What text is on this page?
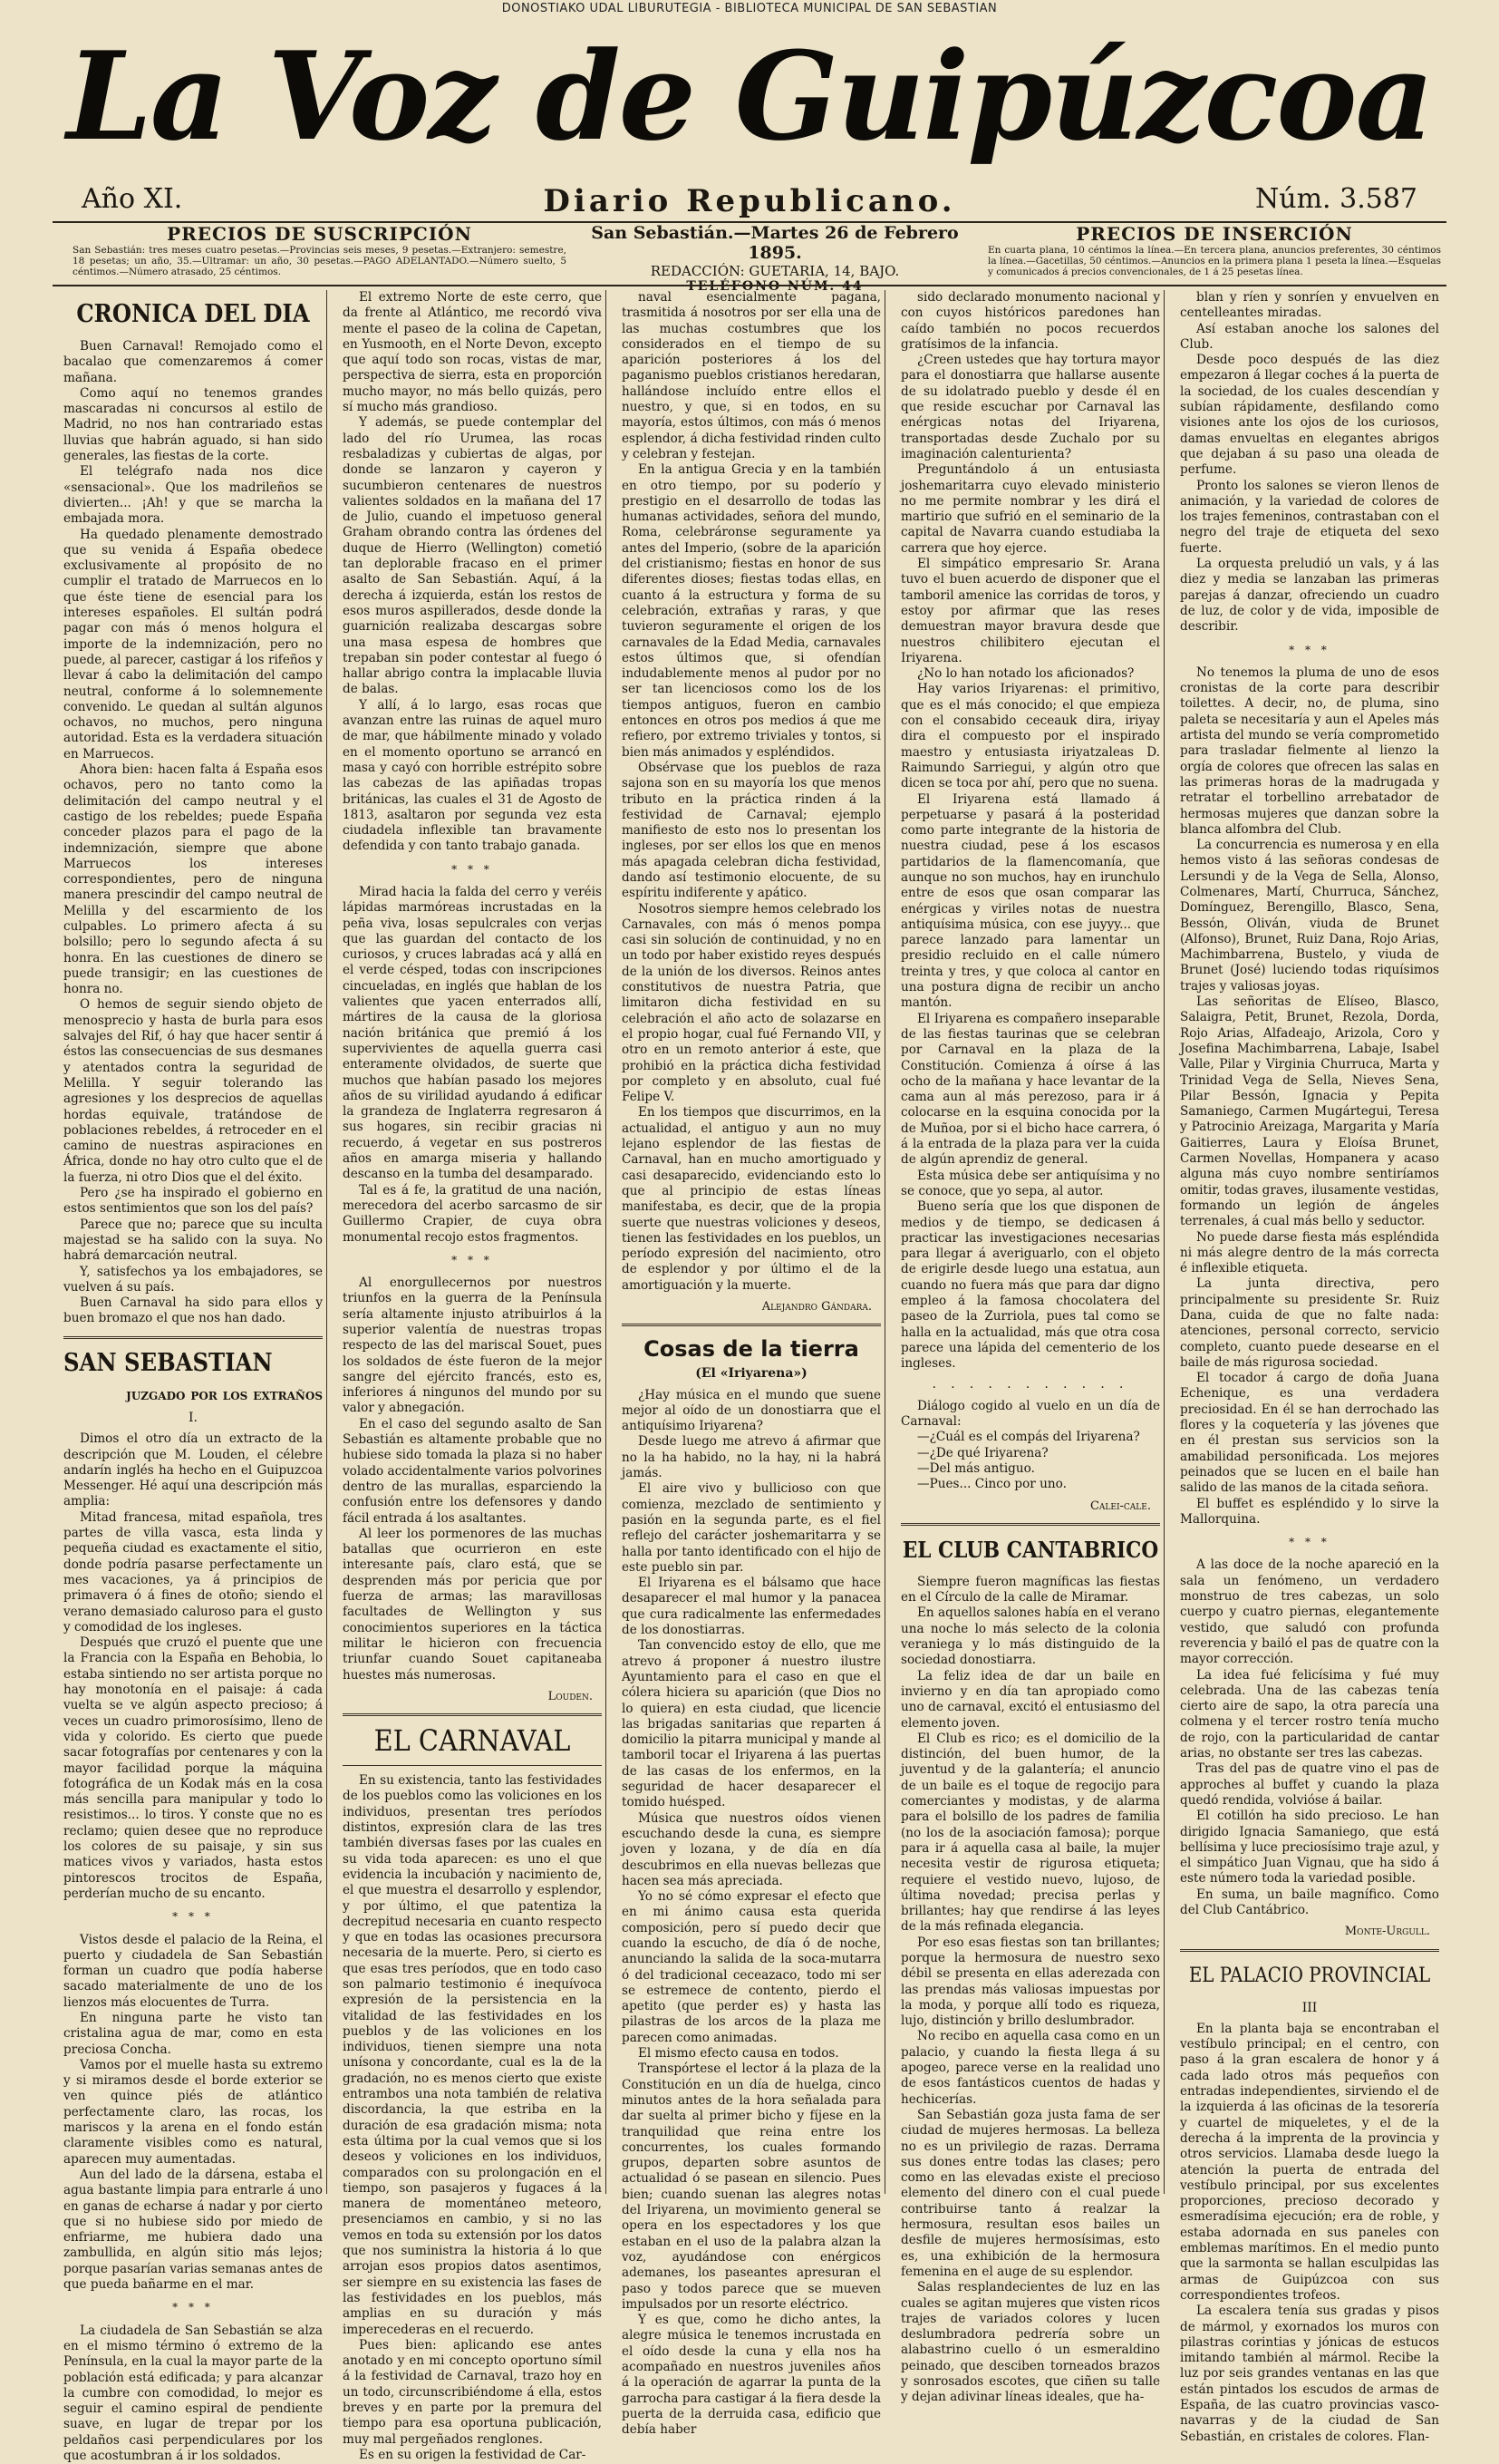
DONOSTIAKO UDAL LIBURUTEGIA - BIBLIOTECA MUNICIPAL DE SAN SEBASTIAN
La Voz de Guipúzcoa
Diario Republicano.
Año XI.	Núm. 3.587
PRECIOS DE SUSCRIPCIÓN
San Sebastián: tres meses cuatro pesetas.—Provincias seis meses, 9 pesetas.—Extranjero: semestre, 18 pesetas; un año, 35.—Ultramar: un año, 30 pesetas.—PAGO ADELANTADO.—Número suelto, 5 céntimos.—Número atrasado, 25 céntimos.
San Sebastián.—Martes 26 de Febrero 1895.
REDACCIÓN: GUETARIA, 14, BAJO.
TELÉFONO NÚM. 44
PRECIOS DE INSERCIÓN
En cuarta plana, 10 céntimos la línea.—En tercera plana, anuncios preferentes, 30 céntimos la línea.—Gacetillas, 50 céntimos.—Anuncios en la primera plana 1 peseta la línea.—Esquelas y comunicados á precios convencionales, de 1 á 25 pesetas línea.
CRONICA DEL DIA

Buen Carnaval! Remojado como el bacalao que comenzaremos á comer mañana.

Como aquí no tenemos grandes mascaradas ni concursos al estilo de Madrid, no nos han contrariado estas lluvias que habrán aguado, si han sido generales, las fiestas de la corte.

El telégrafo nada nos dice «sensacional». Que los madrileños se divierten... ¡Ah! y que se marcha la embajada mora.

Ha quedado plenamente demostrado que su venida á España obedece exclusivamente al propósito de no cumplir el tratado de Marruecos en lo que éste tiene de esencial para los intereses españoles. El sultán podrá pagar con más ó menos holgura el importe de la indemnización, pero no puede, al parecer, castigar á los rifeños y llevar á cabo la delimitación del campo neutral, conforme á lo solemnemente convenido. Le quedan al sultán algunos ochavos, no muchos, pero ninguna autoridad. Esta es la verdadera situación en Marruecos.

Ahora bien: hacen falta á España esos ochavos, pero no tanto como la delimitación del campo neutral y el castigo de los rebeldes; puede España conceder plazos para el pago de la indemnización, siempre que abone Marruecos los intereses correspondientes, pero de ninguna manera prescindir del campo neutral de Melilla y del escarmiento de los culpables. Lo primero afecta á su bolsillo; pero lo segundo afecta á su honra. En las cuestiones de dinero se puede transigir; en las cuestiones de honra no.

O hemos de seguir siendo objeto de menosprecio y hasta de burla para esos salvajes del Rif, ó hay que hacer sentir á éstos las consecuencias de sus desmanes y atentados contra la seguridad de Melilla. Y seguir tolerando las agresiones y los desprecios de aquellas hordas equivale, tratándose de poblaciones rebeldes, á retroceder en el camino de nuestras aspiraciones en África, donde no hay otro culto que el de la fuerza, ni otro Dios que el del éxito.

Pero ¿se ha inspirado el gobierno en estos sentimientos que son los del país?

Parece que no; parece que su inculta majestad se ha salido con la suya. No habrá demarcación neutral.

Y, satisfechos ya los embajadores, se vuelven á su país.

Buen Carnaval ha sido para ellos y buen bromazo el que nos han dado.

SAN SEBASTIAN
juzgado por los extraños
I.

Dimos el otro día un extracto de la descripción que M. Louden, el célebre andarín inglés ha hecho en el Guipuzcoa Messenger. Hé aquí una descripción más amplia:

Mitad francesa, mitad española, tres partes de villa vasca, esta linda y pequeña ciudad es exactamente el sitio, donde podría pasarse perfectamente un mes vacaciones, ya á principios de primavera ó á fines de otoño; siendo el verano demasiado caluroso para el gusto y comodidad de los ingleses.

Después que cruzó el puente que une la Francia con la España en Behobia, lo estaba sintiendo no ser artista porque no hay monotonía en el paisaje: á cada vuelta se ve algún aspecto precioso; á veces un cuadro primorosísimo, lleno de vida y colorido. Es cierto que puede sacar fotografías por centenares y con la mayor facilidad porque la máquina fotográfica de un Kodak más en la cosa más sencilla para manipular y todo lo resistimos... lo tiros. Y conste que no es reclamo; quien desee que no reproduce los colores de su paisaje, y sin sus matices vivos y variados, hasta estos pintorescos trocitos de España, perderían mucho de su encanto.

* * *

Vistos desde el palacio de la Reina, el puerto y ciudadela de San Sebastián forman un cuadro que podía haberse sacado materialmente de uno de los lienzos más elocuentes de Turra.

En ninguna parte he visto tan cristalina agua de mar, como en esta preciosa Concha.

Vamos por el muelle hasta su extremo y si miramos desde el borde exterior se ven quince piés de atlántico perfectamente claro, las rocas, los mariscos y la arena en el fondo están claramente visibles como es natural, aparecen muy aumentadas.

Aun del lado de la dársena, estaba el agua bastante limpia para entrarle á uno en ganas de echarse á nadar y por cierto que si no hubiese sido por miedo de enfriarme, me hubiera dado una zambullida, en algún sitio más lejos; porque pasarían varias semanas antes de que pueda bañarme en el mar.

* * *

La ciudadela de San Sebastián se alza en el mismo término ó extremo de la Península, en la cual la mayor parte de la población está edificada; y para alcanzar la cumbre con comodidad, lo mejor es seguir el camino espiral de pendiente suave, en lugar de trepar por los peldaños casi perpendiculares por los que acostumbran á ir los soldados.

El extremo Norte de este cerro, que da frente al Atlántico, me recordó viva mente el paseo de la colina de Capetan, en Yusmooth, en el Norte Devon, excepto que aquí todo son rocas, vistas de mar, perspectiva de sierra, esta en proporción mucho mayor, no más bello quizás, pero sí mucho más grandioso.

Y además, se puede contemplar del lado del río Urumea, las rocas resbaladizas y cubiertas de algas, por donde se lanzaron y cayeron y sucumbieron centenares de nuestros valientes soldados en la mañana del 17 de Julio, cuando el impetuoso general Graham obrando contra las órdenes del duque de Hierro (Wellington) cometió tan deplorable fracaso en el primer asalto de San Sebastián. Aquí, á la derecha á izquierda, están los restos de esos muros aspillerados, desde donde la guarnición realizaba descargas sobre una masa espesa de hombres que trepaban sin poder contestar al fuego ó hallar abrigo contra la implacable lluvia de balas.

Y allí, á lo largo, esas rocas que avanzan entre las ruinas de aquel muro de mar, que hábilmente minado y volado en el momento oportuno se arrancó en masa y cayó con horrible estrépito sobre las cabezas de las apiñadas tropas británicas, las cuales el 31 de Agosto de 1813, asaltaron por segunda vez esta ciudadela inflexible tan bravamente defendida y con tanto trabajo ganada.

* * *

Mirad hacia la falda del cerro y veréis lápidas marmóreas incrustadas en la peña viva, losas sepulcrales con verjas que las guardan del contacto de los curiosos, y cruces labradas acá y allá en el verde césped, todas con inscripciones cincueladas, en inglés que hablan de los valientes que yacen enterrados allí, mártires de la causa de la gloriosa nación británica que premió á los supervivientes de aquella guerra casi enteramente olvidados, de suerte que muchos que habían pasado los mejores años de su virilidad ayudando á edificar la grandeza de Inglaterra regresaron á sus hogares, sin recibir gracias ni recuerdo, á vegetar en sus postreros años en amarga miseria y hallando descanso en la tumba del desamparado.

Tal es á fe, la gratitud de una nación, merecedora del acerbo sarcasmo de sir Guillermo Crapier, de cuya obra monumental recojo estos fragmentos.

* * *

Al enorgullecernos por nuestros triunfos en la guerra de la Península sería altamente injusto atribuirlos á la superior valentía de nuestras tropas respecto de las del mariscal Souet, pues los soldados de éste fueron de la mejor sangre del ejército francés, esto es, inferiores á ningunos del mundo por su valor y abnegación.

En el caso del segundo asalto de San Sebastián es altamente probable que no hubiese sido tomada la plaza si no haber volado accidentalmente varios polvorines dentro de las murallas, esparciendo la confusión entre los defensores y dando fácil entrada á los asaltantes.

Al leer los pormenores de las muchas batallas que ocurrieron en este interesante país, claro está, que se desprenden más por pericia que por fuerza de armas; las maravillosas facultades de Wellington y sus conocimientos superiores en la táctica militar le hicieron con frecuencia triunfar cuando Souet capitaneaba huestes más numerosas.

Louden.
EL CARNAVAL

En su existencia, tanto las festividades de los pueblos como las voliciones en los individuos, presentan tres períodos distintos, expresión clara de las tres también diversas fases por las cuales en su vida toda aparecen: es uno el que evidencia la incubación y nacimiento de, el que muestra el desarrollo y esplendor, y por último, el que patentiza la decrepitud necesaria en cuanto respecto y que en todas las ocasiones precursora necesaria de la muerte. Pero, si cierto es que esas tres períodos, que en todo caso son palmario testimonio é inequívoca expresión de la persistencia en la vitalidad de las festividades en los pueblos y de las voliciones en los individuos, tienen siempre una nota unísona y concordante, cual es la de la gradación, no es menos cierto que existe entrambos una nota también de relativa discordancia, la que estriba en la duración de esa gradación misma; nota esta última por la cual vemos que si los deseos y voliciones en los individuos, comparados con su prolongación en el tiempo, son pasajeros y fugaces á la manera de momentáneo meteoro, presenciamos en cambio, y si no las vemos en toda su extensión por los datos que nos suministra la historia á lo que arrojan esos propios datos asentimos, ser siempre en su existencia las fases de las festividades en los pueblos, más amplias en su duración y más imperecederas en el recuerdo.

Pues bien: aplicando ese antes anotado y en mi concepto oportuno símil á la festividad de Carnaval, trazo hoy en un todo, circunscribiéndome á ella, estos breves y en parte por la premura del tiempo para esa oportuna publicación, muy mal pergeñados renglones.

Es en su origen la festividad de Car-

naval esencialmente pagana, trasmitida á nosotros por ser ella una de las muchas costumbres que los considerados en el tiempo de su aparición posteriores á los del paganismo pueblos cristianos heredaran, hallándose incluído entre ellos el nuestro, y que, si en todos, en su mayoría, estos últimos, con más ó menos esplendor, á dicha festividad rinden culto y celebran y festejan.

En la antigua Grecia y en la también en otro tiempo, por su poderío y prestigio en el desarrollo de todas las humanas actividades, señora del mundo, Roma, celebráronse seguramente ya antes del Imperio, (sobre de la aparición del cristianismo; fiestas en honor de sus diferentes dioses; fiestas todas ellas, en cuanto á la estructura y forma de su celebración, extrañas y raras, y que tuvieron seguramente el origen de los carnavales de la Edad Media, carnavales estos últimos que, si ofendían indudablemente menos al pudor por no ser tan licenciosos como los de los tiempos antiguos, fueron en cambio entonces en otros pos medios á que me refiero, por extremo triviales y tontos, si bien más animados y espléndidos.

Obsérvase que los pueblos de raza sajona son en su mayoría los que menos tributo en la práctica rinden á la festividad de Carnaval; ejemplo manifiesto de esto nos lo presentan los ingleses, por ser ellos los que en menos más apagada celebran dicha festividad, dando así testimonio elocuente, de su espíritu indiferente y apático.

Nosotros siempre hemos celebrado los Carnavales, con más ó menos pompa casi sin solución de continuidad, y no en un todo por haber existido reyes después de la unión de los diversos. Reinos antes constitutivos de nuestra Patria, que limitaron dicha festividad en su celebración el año acto de solazarse en el propio hogar, cual fué Fernando VII, y otro en un remoto anterior á este, que prohibió en la práctica dicha festividad por completo y en absoluto, cual fué Felipe V.

En los tiempos que discurrimos, en la actualidad, el antiguo y aun no muy lejano esplendor de las fiestas de Carnaval, han en mucho amortiguado y casi desaparecido, evidenciando esto lo que al principio de estas líneas manifestaba, es decir, que de la propia suerte que nuestras voliciones y deseos, tienen las festividades en los pueblos, un período expresión del nacimiento, otro de esplendor y por último el de la amortiguación y la muerte.

Alejandro Gándara.
Cosas de la tierra
(El «Iriyarena»)

¿Hay música en el mundo que suene mejor al oído de un donostiarra que el antiquísimo Iriyarena?

Desde luego me atrevo á afirmar que no la ha habido, no la hay, ni la habrá jamás.

El aire vivo y bullicioso con que comienza, mezclado de sentimiento y pasión en la segunda parte, es el fiel reflejo del carácter joshemaritarra y se halla por tanto identificado con el hijo de este pueblo sin par.

El Iriyarena es el bálsamo que hace desaparecer el mal humor y la panacea que cura radicalmente las enfermedades de los donostiarras.

Tan convencido estoy de ello, que me atrevo á proponer á nuestro ilustre Ayuntamiento para el caso en que el cólera hiciera su aparición (que Dios no lo quiera) en esta ciudad, que licencie las brigadas sanitarias que reparten á domicilio la pitarra municipal y mande al tamboril tocar el Iriyarena á las puertas de las casas de los enfermos, en la seguridad de hacer desaparecer el tomido huésped.

Música que nuestros oídos vienen escuchando desde la cuna, es siempre joven y lozana, y de día en día descubrimos en ella nuevas bellezas que hacen sea más apreciada.

Yo no sé cómo expresar el efecto que en mi ánimo causa esta querida composición, pero sí puedo decir que cuando la escucho, de día ó de noche, anunciando la salida de la soca-mutarra ó del tradicional ceceazaco, todo mi ser se estremece de contento, pierdo el apetito (que perder es) y hasta las pilastras de los arcos de la plaza me parecen como animadas.

El mismo efecto causa en todos.

Transpórtese el lector á la plaza de la Constitución en un día de huelga, cinco minutos antes de la hora señalada para dar suelta al primer bicho y fíjese en la tranquilidad que reina entre los concurrentes, los cuales formando grupos, departen sobre asuntos de actualidad ó se pasean en silencio. Pues bien; cuando suenan las alegres notas del Iriyarena, un movimiento general se opera en los espectadores y los que estaban en el uso de la palabra alzan la voz, ayudándose con enérgicos ademanes, los paseantes apresuran el paso y todos parece que se mueven impulsados por un resorte eléctrico.

Y es que, como he dicho antes, la alegre música le tenemos incrustada en el oído desde la cuna y ella nos ha acompañado en nuestros juveniles años á la operación de agarrar la punta de la garrocha para castigar á la fiera desde la puerta de la derruida casa, edificio que debía haber

sido declarado monumento nacional y con cuyos históricos paredones han caído también no pocos recuerdos gratísimos de la infancia.

¿Creen ustedes que hay tortura mayor para el donostiarra que hallarse ausente de su idolatrado pueblo y desde él en que reside escuchar por Carnaval las enérgicas notas del Iriyarena, transportadas desde Zuchalo por su imaginación calenturienta?

Preguntándolo á un entusiasta joshemaritarra cuyo elevado ministerio no me permite nombrar y les dirá el martirio que sufrió en el seminario de la capital de Navarra cuando estudiaba la carrera que hoy ejerce.

El simpático empresario Sr. Arana tuvo el buen acuerdo de disponer que el tamboril amenice las corridas de toros, y estoy por afirmar que las reses demuestran mayor bravura desde que nuestros chilibitero ejecutan el Iriyarena.

¿No lo han notado los aficionados?

Hay varios Iriyarenas: el primitivo, que es el más conocido; el que empieza con el consabido ceceauk dira, iriyay dira el compuesto por el inspirado maestro y entusiasta iriyatzaleas D. Raimundo Sarriegui, y algún otro que dicen se toca por ahí, pero que no suena.

El Iriyarena está llamado á perpetuarse y pasará á la posteridad como parte integrante de la historia de nuestra ciudad, pese á los escasos partidarios de la flamencomanía, que aunque no son muchos, hay en irunchulo entre de esos que osan comparar las enérgicas y viriles notas de nuestra antiquísima música, con ese juyyy... que parece lanzado para lamentar un presidio recluido en el calle número treinta y tres, y que coloca al cantor en una postura digna de recibir un ancho mantón.

El Iriyarena es compañero inseparable de las fiestas taurinas que se celebran por Carnaval en la plaza de la Constitución. Comienza á oírse á las ocho de la mañana y hace levantar de la cama aun al más perezoso, para ir á colocarse en la esquina conocida por la de Muñoa, por si el bicho hace carrera, ó á la entrada de la plaza para ver la cuida de algún aprendiz de general.

Esta música debe ser antiquísima y no se conoce, que yo sepa, al autor.

Bueno sería que los que disponen de medios y de tiempo, se dedicasen á practicar las investigaciones necesarias para llegar á averiguarlo, con el objeto de erigirle desde luego una estatua, aun cuando no fuera más que para dar digno empleo á la famosa chocolatera del paseo de la Zurriola, pues tal como se halla en la actualidad, más que otra cosa parece una lápida del cementerio de los ingleses.

. . . . . . . . . . .

Diálogo cogido al vuelo en un día de Carnaval:

—¿Cuál es el compás del Iriyarena?

—¿De qué Iriyarena?

—Del más antiguo.

—Pues... Cinco por uno.

Calei-cale.
EL CLUB CANTABRICO

Siempre fueron magníficas las fiestas en el Círculo de la calle de Miramar.

En aquellos salones había en el verano una noche lo más selecto de la colonia veraniega y lo más distinguido de la sociedad donostiarra.

La feliz idea de dar un baile en invierno y en día tan apropiado como uno de carnaval, excitó el entusiasmo del elemento joven.

El Club es rico; es el domicilio de la distinción, del buen humor, de la juventud y de la galantería; el anuncio de un baile es el toque de regocijo para comerciantes y modistas, y de alarma para el bolsillo de los padres de familia (no los de la asociación famosa); porque para ir á aquella casa al baile, la mujer necesita vestir de rigurosa etiqueta; requiere el vestido nuevo, lujoso, de última novedad; precisa perlas y brillantes; hay que rendirse á las leyes de la más refinada elegancia.

Por eso esas fiestas son tan brillantes; porque la hermosura de nuestro sexo débil se presenta en ellas aderezada con las prendas más valiosas impuestas por la moda, y porque allí todo es riqueza, lujo, distinción y brillo deslumbrador.

No recibo en aquella casa como en un palacio, y cuando la fiesta llega á su apogeo, parece verse en la realidad uno de esos fantásticos cuentos de hadas y hechicerías.

San Sebastián goza justa fama de ser ciudad de mujeres hermosas. La belleza no es un privilegio de razas. Derrama sus dones entre todas las clases; pero como en las elevadas existe el precioso elemento del dinero con el cual puede contribuirse tanto á realzar la hermosura, resultan esos bailes un desfile de mujeres hermosísimas, esto es, una exhibición de la hermosura femenina en el auge de su esplendor.

Salas resplandecientes de luz en las cuales se agitan mujeres que visten ricos trajes de variados colores y lucen deslumbradora pedrería sobre un alabastrino cuello ó un esmeraldino peinado, que desciben torneados brazos y sonrosados escotes, que ciñen su talle y dejan adivinar líneas ideales, que ha-

blan y ríen y sonríen y envuelven en centelleantes miradas.

Así estaban anoche los salones del Club.

Desde poco después de las diez empezaron á llegar coches á la puerta de la sociedad, de los cuales descendían y subían rápidamente, desfilando como visiones ante los ojos de los curiosos, damas envueltas en elegantes abrigos que dejaban á su paso una oleada de perfume.

Pronto los salones se vieron llenos de animación, y la variedad de colores de los trajes femeninos, contrastaban con el negro del traje de etiqueta del sexo fuerte.

La orquesta preludió un vals, y á las diez y media se lanzaban las primeras parejas á danzar, ofreciendo un cuadro de luz, de color y de vida, imposible de describir.

* * *

No tenemos la pluma de uno de esos cronistas de la corte para describir toilettes. A decir, no, de pluma, sino paleta se necesitaría y aun el Apeles más artista del mundo se vería comprometido para trasladar fielmente al lienzo la orgía de colores que ofrecen las salas en las primeras horas de la madrugada y retratar el torbellino arrebatador de hermosas mujeres que danzan sobre la blanca alfombra del Club.

La concurrencia es numerosa y en ella hemos visto á las señoras condesas de Lersundi y de la Vega de Sella, Alonso, Colmenares, Martí, Churruca, Sánchez, Domínguez, Berengillo, Blasco, Sena, Bessón, Oliván, viuda de Brunet (Alfonso), Brunet, Ruiz Dana, Rojo Arias, Machimbarrena, Bustelo, y viuda de Brunet (José) luciendo todas riquísimos trajes y valiosas joyas.

Las señoritas de Elíseo, Blasco, Salaigra, Petit, Brunet, Rezola, Dorda, Rojo Arias, Alfadeajo, Arizola, Coro y Josefina Machimbarrena, Labaje, Isabel Valle, Pilar y Virginia Churruca, Marta y Trinidad Vega de Sella, Nieves Sena, Pilar Bessón, Ignacia y Pepita Samaniego, Carmen Mugártegui, Teresa y Patrocinio Areizaga, Margarita y María Gaitierres, Laura y Eloísa Brunet, Carmen Novellas, Hompanera y acaso alguna más cuyo nombre sentiríamos omitir, todas graves, ilusamente vestidas, formando un legión de ángeles terrenales, á cual más bello y seductor.

No puede darse fiesta más espléndida ni más alegre dentro de la más correcta é inflexible etiqueta.

La junta directiva, pero principalmente su presidente Sr. Ruiz Dana, cuida de que no falte nada: atenciones, personal correcto, servicio completo, cuanto puede desearse en el baile de más rigurosa sociedad.

El tocador á cargo de doña Juana Echenique, es una verdadera preciosidad. En él se han derrochado las flores y la coquetería y las jóvenes que en él prestan sus servicios son la amabilidad personificada. Los mejores peinados que se lucen en el baile han salido de las manos de la citada señora.

El buffet es espléndido y lo sirve la Mallorquina.

* * *

A las doce de la noche apareció en la sala un fenómeno, un verdadero monstruo de tres cabezas, un solo cuerpo y cuatro piernas, elegantemente vestido, que saludó con profunda reverencia y bailó el pas de quatre con la mayor corrección.

La idea fué felicísima y fué muy celebrada. Una de las cabezas tenía cierto aire de sapo, la otra parecía una colmena y el tercer rostro tenía mucho de rojo, con la particularidad de cantar arias, no obstante ser tres las cabezas.

Tras del pas de quatre vino el pas de approches al buffet y cuando la plaza quedó rendida, volvióse á bailar.

El cotillón ha sido precioso. Le han dirigido Ignacia Samaniego, que está bellísima y luce preciosísimo traje azul, y el simpático Juan Vignau, que ha sido á este número toda la variedad posible.

En suma, un baile magnífico. Como del Club Cantábrico.

Monte-Urgull.
EL PALACIO PROVINCIAL
III

En la planta baja se encontraban el vestíbulo principal; en el centro, con paso á la gran escalera de honor y á cada lado otros más pequeños con entradas independientes, sirviendo el de la izquierda á las oficinas de la tesorería y cuartel de miqueletes, y el de la derecha á la imprenta de la provincia y otros servicios. Llamaba desde luego la atención la puerta de entrada del vestíbulo principal, por sus excelentes proporciones, precioso decorado y esmeradísima ejecución; era de roble, y estaba adornada en sus paneles con emblemas marítimos. En el medio punto que la sarmonta se hallan esculpidas las armas de Guipúzcoa con sus correspondientes trofeos.

La escalera tenía sus gradas y pisos de mármol, y exornados los muros con pilastras corintias y jónicas de estucos imitando también al mármol. Recibe la luz por seis grandes ventanas en las que están pintados los escudos de armas de España, de las cuatro provincias vasco-navarras y de la ciudad de San Sebastián, en cristales de colores. Flan-
